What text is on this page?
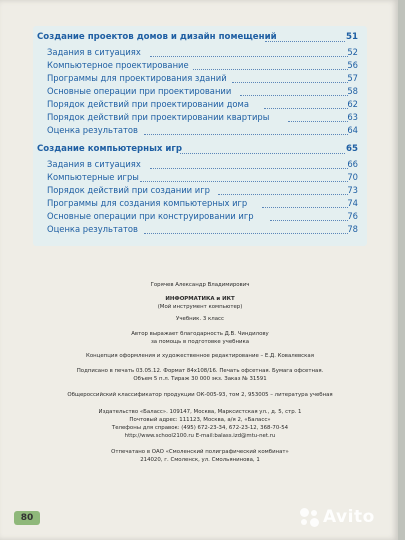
Создание проектов домов и дизайн помещений	51
Задания в ситуациях	52
Компьютерное проектирование	56
Программы для проектирования зданий	57
Основные операции при проектировании	58
Порядок действий при проектировании дома	62
Порядок действий при проектировании квартиры	63
Оценка результатов	64
Создание компьютерных игр	65
Задания в ситуациях	66
Компьютерные игры	70
Порядок действий при создании игр	73
Программы для создания компьютерных игр	74
Основные операции при конструировании игр	76
Оценка результатов	78
Горячев Александр Владимирович
ИНФОРМАТИКА и ИКТ
(Мой инструмент компьютер)
Учебник. 3 класс
Автор выражает благодарность Д.В. Чиндилову
за помощь в подготовке учебника
Концепция оформления и художественное редактирование – Е.Д. Ковалевская
Подписано в печать 03.05.12. Формат 84х108/16. Печать офсетная. Бумага офсетная.
Объем 5 п.л. Тираж 30 000 экз. Заказ № 31591
Общероссийский классификатор продукции ОК-005-93, том 2, 953005 – литература учебная
Издательство «Баласс». 109147, Москва, Марксистская ул., д. 5, стр. 1
Почтовый адрес: 111123, Москва, а/я 2, «Баласс»
Телефоны для справок: (495) 672-23-34, 672-23-12, 368-70-54
http://www.school2100.ru E-mail:balass.izd@mtu-net.ru
Отпечатано в ОАО «Смоленский полиграфический комбинат»
214020, г. Смоленск, ул. Смольянинова, 1
80	Avito
